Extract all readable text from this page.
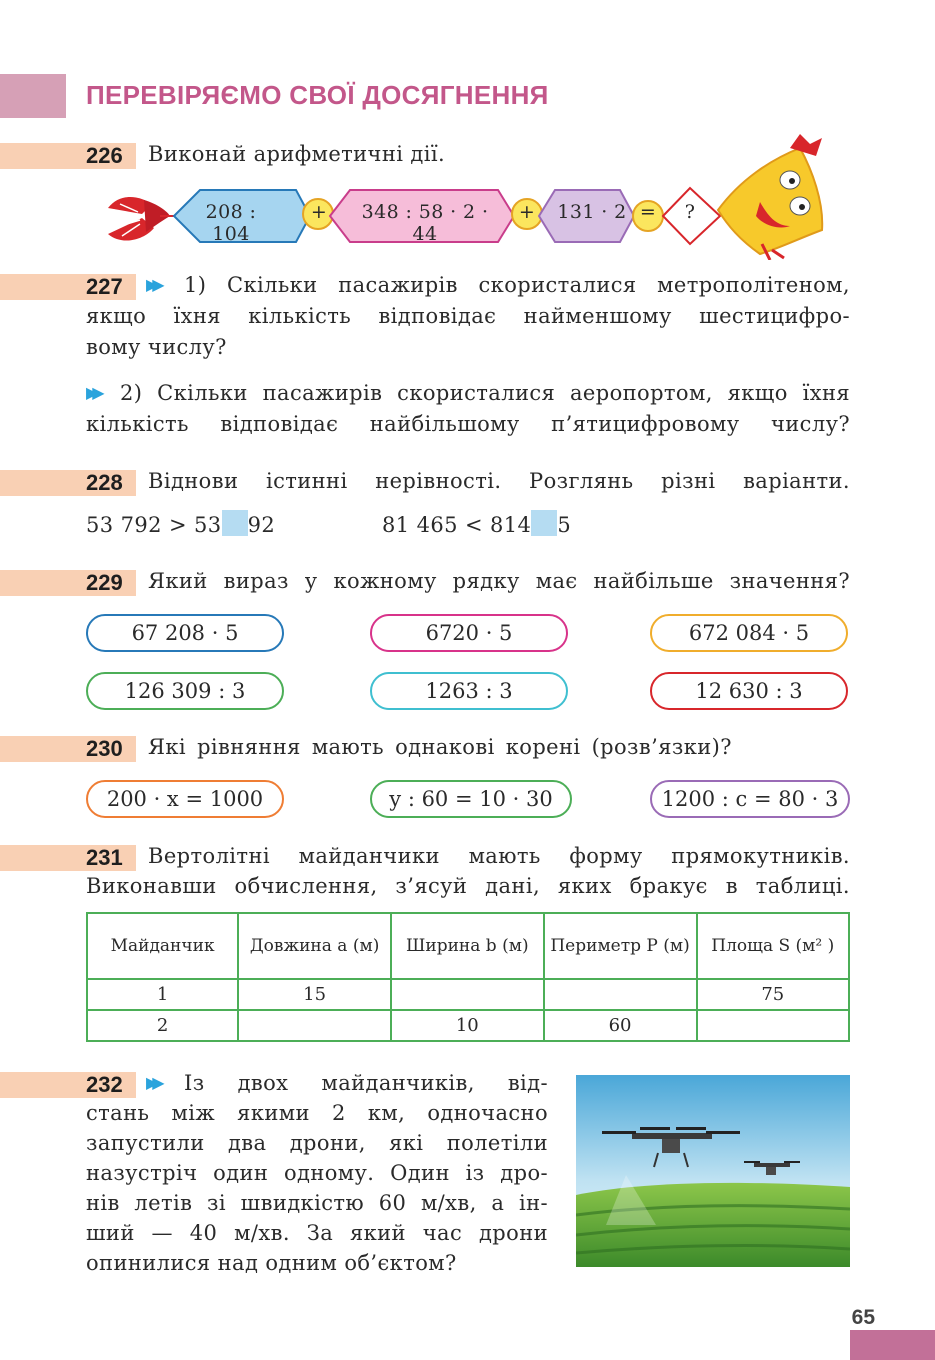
ПЕРЕВІРЯЄМО СВОЇ ДОСЯГНЕННЯ
226 Виконай арифметичні дії.
208 : 104
+	348 : 58 · 2 · 44
+ 131 · 2 =	?
227 ▶▶ 1) Скільки пасажирів скористалися метрополітеном,
якщо їхня кількість відповідає найменшому шестицифро-
вому числу?
▶▶ 2) Скільки пасажирів скористалися аеропортом, якщо їхня
кількість відповідає найбільшому п’ятицифровому числу?
228 Віднови істинні нерівності. Розглянь різні варіанти.
53 792 > 53 92	81 465 < 814 5
229 Який вираз у кожному рядку має найбільше значення?
67 208 · 5	6720 · 5	672 084 · 5
126 309 : 3	1263 : 3	12 630 : 3
230 Які рівняння мають однакові корені (розв’язки)?
200 · x = 1000	y : 60 = 10 · 30	1200 : c = 80 · 3
231 Вертолітні майданчики мають форму прямокутників.
Виконавши обчислення, з’ясуй дані, яких бракує в таблиці.
Майданчик	Довжина a (м)	Ширина b (м)	Периметр P (м)	Площа S (м² )
1	15			75
2		10	60	
232 ▶▶ Із двох майданчиків, від-
стань між якими 2 км, одночасно
запустили два дрони, які полетіли
назустріч один одному. Один із дро-
нів летів зі швидкістю 60 м/хв, а ін-
ший — 40 м/хв. За який час дрони
опинилися над одним об’єктом?
65
